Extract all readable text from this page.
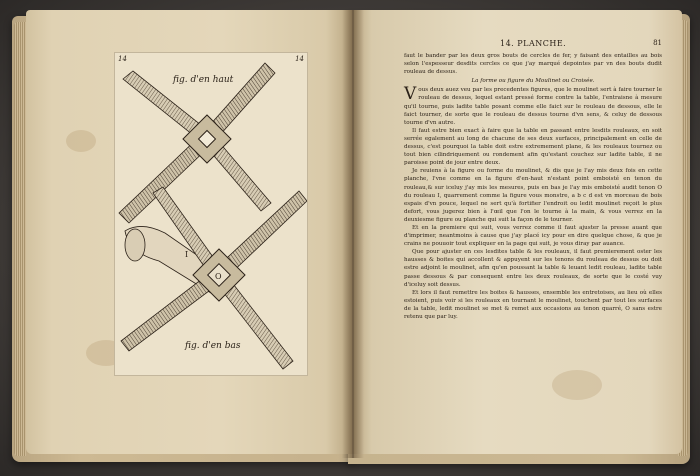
14	14
fig. d'en haut
fig. d'en bas
I
O
14. PLANCHE.	81

faut le bander par les deux gros bouts de cercles de fer, y faisant des entailles au bois selon l'espesseur desdits cercles ce que j'ay marqué depointes par vn des bouts dudit rouleau de dessus.

La forme ou figure du Moulinet ou Croisée.

Vous deux auez veu par les precedentes figures, que le moulinet sert à faire tourner le rouleau de dessus, lequel estant pressé forme contre la table, l'entraisne à mesure qu'il tourne, puis ladite table posant comme elle faict sur le rouleau de dessous, elle le faict tourner, de sorte que le rouleau de dessus tourne d'vn sens, & celuy de dessous tourne d'vn autre.

Il faut estre bien exact à faire que la table en passant entre lesdits rouleaux, en soit serrée egalement au long de chacune de ses deux surfaces, principalement en celle de dessus, c'est pourquoi la table doit estre extremement plane, & les rouleaux tournez ou tout bien cilindriquement ou rondement afin qu'estant couchez sur ladite table, il ne paroisse point de jour entre deux.

Je reuiens à la figure ou forme du moulinet, & dis que je l'ay mis deux fois en cette planche, l'vne comme en la figure d'en-haut n'estant point emboisté en tenon du rouleau,& sur iceluy j'ay mis les mesures, puis en bas je l'ay mis emboisté audit tenon O du rouleau I, quarrement comme la figure vous monstre, a b c d est vn morceau de bois espais d'vn pouce, lequel ne sert qu'à fortifier l'endroit ou ledit moulinet reçoit le plus defort, vous jugerez bien à l'œil que l'on le tourne à la main, & vous verrez en la deuxiesme figure ou planche qui suit la façon de le tourner.

Et en la premiere qui suit, vous verrez comme il faut ajuster la presse auant que d'imprimer, neantmoins à cause que j'ay placé icy pour en dire quelque chose, & que je crains ne pouuoir tout expliquer en la page qui suit, je vous diray par auance.

Que pour ajuster en ces lesdites table & les rouleaux, il faut premierement oster les hausses & boites qui accollent & appuyent sur les tenons du rouleau de dessus ou doit estre adjoint le moulinet, afin qu'en poussant la table & leuant ledit rouleau, ladite table passe dessous & par consequent entre les deux rouleaux, de sorte que le costé vuy d'iceluy soit dessus.

Et lors il faut remettre les boites & hausses, ensemble les entretoises, au lieu où elles estoient, puis voir si les rouleaux en tournant le moulinet, touchent par tout les surfaces de la table, ledit moulinet se met & remet aux occasions au tenon quarré, O sans estre retenu que par luy.
